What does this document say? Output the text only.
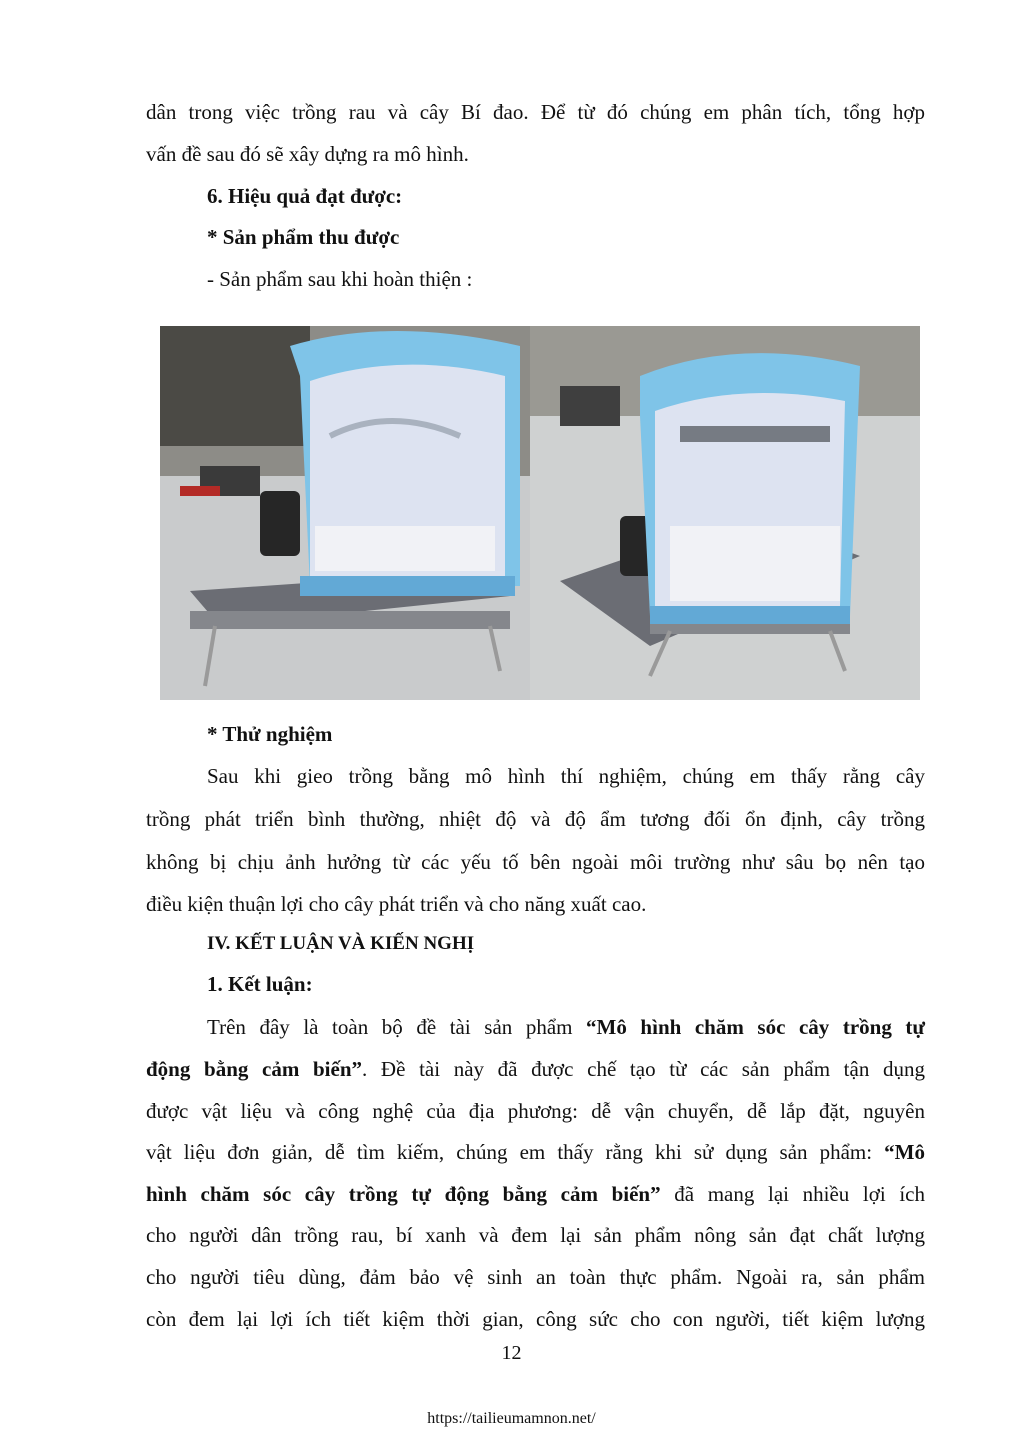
dân trong việc trồng rau và cây Bí đao. Để từ đó chúng em phân tích, tổng hợp
vấn đề sau đó sẽ xây dựng ra mô hình.
6. Hiệu quả đạt được:
* Sản phẩm thu được
- Sản phẩm sau khi hoàn thiện :
* Thử nghiệm
Sau khi gieo trồng bằng mô hình thí nghiệm, chúng em thấy rằng cây
trồng phát triển bình thường, nhiệt độ và độ ẩm tương đối ổn định, cây trồng
không bị chịu ảnh hưởng từ các yếu tố bên ngoài môi trường như sâu bọ nên tạo
điều kiện thuận lợi cho cây phát triển và cho năng xuất cao.
IV. KẾT LUẬN VÀ KIẾN NGHỊ
1. Kết luận:
Trên đây là toàn bộ đề tài sản phẩm “Mô hình chăm sóc cây trồng tự
động bằng cảm biến”. Đề tài này đã được chế tạo từ các sản phẩm tận dụng
được vật liệu và công nghệ của địa phương: dễ vận chuyển, dễ lắp đặt, nguyên
vật liệu đơn giản, dễ tìm kiếm, chúng em thấy rằng khi sử dụng sản phẩm: “Mô
hình chăm sóc cây trồng tự động bằng cảm biến” đã mang lại nhiều lợi ích
cho người dân trồng rau, bí xanh và đem lại sản phẩm nông sản đạt chất lượng
cho người tiêu dùng, đảm bảo vệ sinh an toàn thực phẩm. Ngoài ra, sản phẩm
còn đem lại lợi ích tiết kiệm thời gian, công sức cho con người, tiết kiệm lượng
12
https://tailieumamnon.net/
